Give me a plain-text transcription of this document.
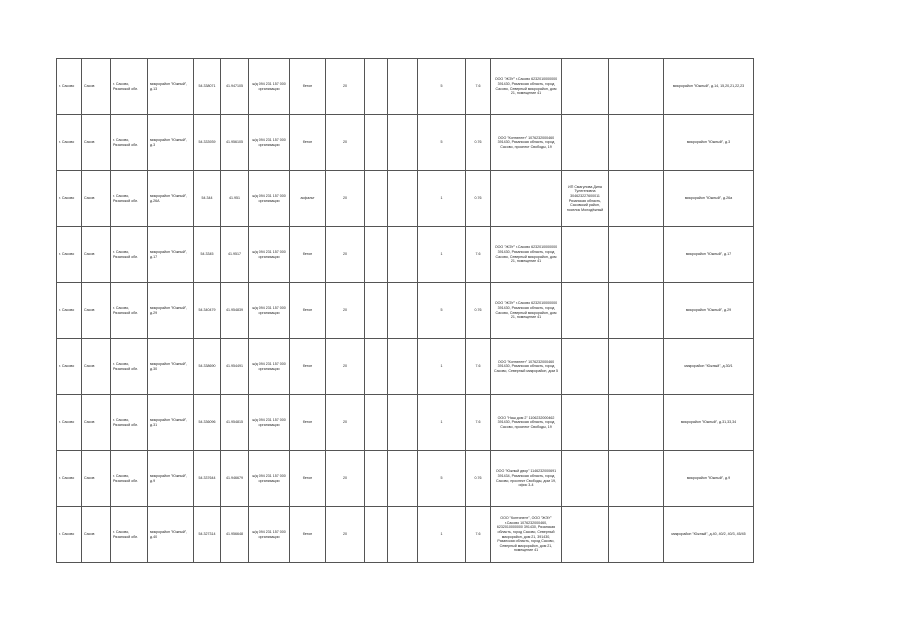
г. Сасово	Сасов	г. Сасово, Рязанской обл.	микрорайон "Южный", д.13	54.338071	41.947105	ж/д 094 231 157 000 организации	бетон	20			5	7.6	ООО "ЖЭУ" г.Сасово 6232010000000 391430, Рязанская область, город Сасово, Северный микрорайон, дом 21, помещение 41			микрорайон "Южный", д.14, 15,20,21,22,23
г. Сасово	Сасов	г. Сасово, Рязанской обл.	микрорайон "Южный", д.3	54.333939	41.956105	ж/д 094 231 157 000 организации	бетон	20			5	0.76	ООО "Континент" 1076232000460 391430, Рязанская область, город Сасово, проспект Свободы, 19			микрорайон "Южный", д.3
г. Сасово	Сасов	г. Сасово, Рязанской обл.	микрорайон "Южный", д.26А	54.344	41.951	ж/д 094 231 157 000 организации	асфальт	20			1	0.76		ИП Смагулова Дина Тулегеновна 304623227600011 Рязанская область, Сасовский район, поселок Молодёжный		микрорайон "Южный", д.26а
г. Сасово	Сасов	г. Сасово, Рязанской обл.	микрорайон "Южный", д.17	54.3345	41.9517	ж/д 094 231 157 000 организации	бетон	20			1	7.6	ООО "ЖЭУ" г.Сасово 6232010000000 391430, Рязанская область, город Сасово, Северный микрорайон, дом 21, помещение 41			микрорайон "Южный", д.17
г. Сасово	Сасов	г. Сасово, Рязанской обл.	микрорайон "Южный", д.29	54.340479	41.954839	ж/д 094 231 157 000 организации	бетон	20			5	0.76	ООО "ЖЭУ" г.Сасово 6232010000000 391430, Рязанская область, город Сасово, Северный микрорайон, дом 21, помещение 41			микрорайон "Южный", д.29
г. Сасово	Сасов	г. Сасово, Рязанской обл.	микрорайон "Южный", д.30	54.338690	41.954491	ж/д 094 231 157 000 организации	бетон	20			1	7.6	ООО "Континент" 1076232000460 391430, Рязанская область, город Сасово, Северный микрорайон, дом 5			микрорайон "Южный", д.30/1
г. Сасово	Сасов	г. Сасово, Рязанской обл.	микрорайон "Южный", д.31	54.336096	41.954815	ж/д 094 231 157 000 организации	бетон	20			1	7.6	ООО "Наш дом 2" 1106232000462 391430, Рязанская область, город Сасово, проспект Свободы, 19			микрорайон "Южный", д.31,33,34
г. Сасово	Сасов	г. Сасово, Рязанской обл.	микрорайон "Южный", д.9	54.337644	41.946679	ж/д 094 231 157 000 организации	бетон	20			5	0.76	ООО "Южный двор" 1146232000691 391434, Рязанская область, город Сасово, проспект Свободы, дом 19, офис 3-4			микрорайон "Южный", д.9
г. Сасово	Сасов	г. Сасово, Рязанской обл.	микрорайон "Южный", д.40	54.327314	41.956648	ж/д 094 231 157 000 организации	бетон	20			1	7.6	ООО "Континент", ООО "ЖЭУ" г.Сасово 1076232000460, 6232010000000 391430, Рязанская область, город Сасово, Северный микрорайон, дом 21, 391430, Рязанская область, город Сасово, Северный микрорайон, дом 21, помещение 41			микрорайон "Южный", д.40, 40/2, 40/3, 45/45
